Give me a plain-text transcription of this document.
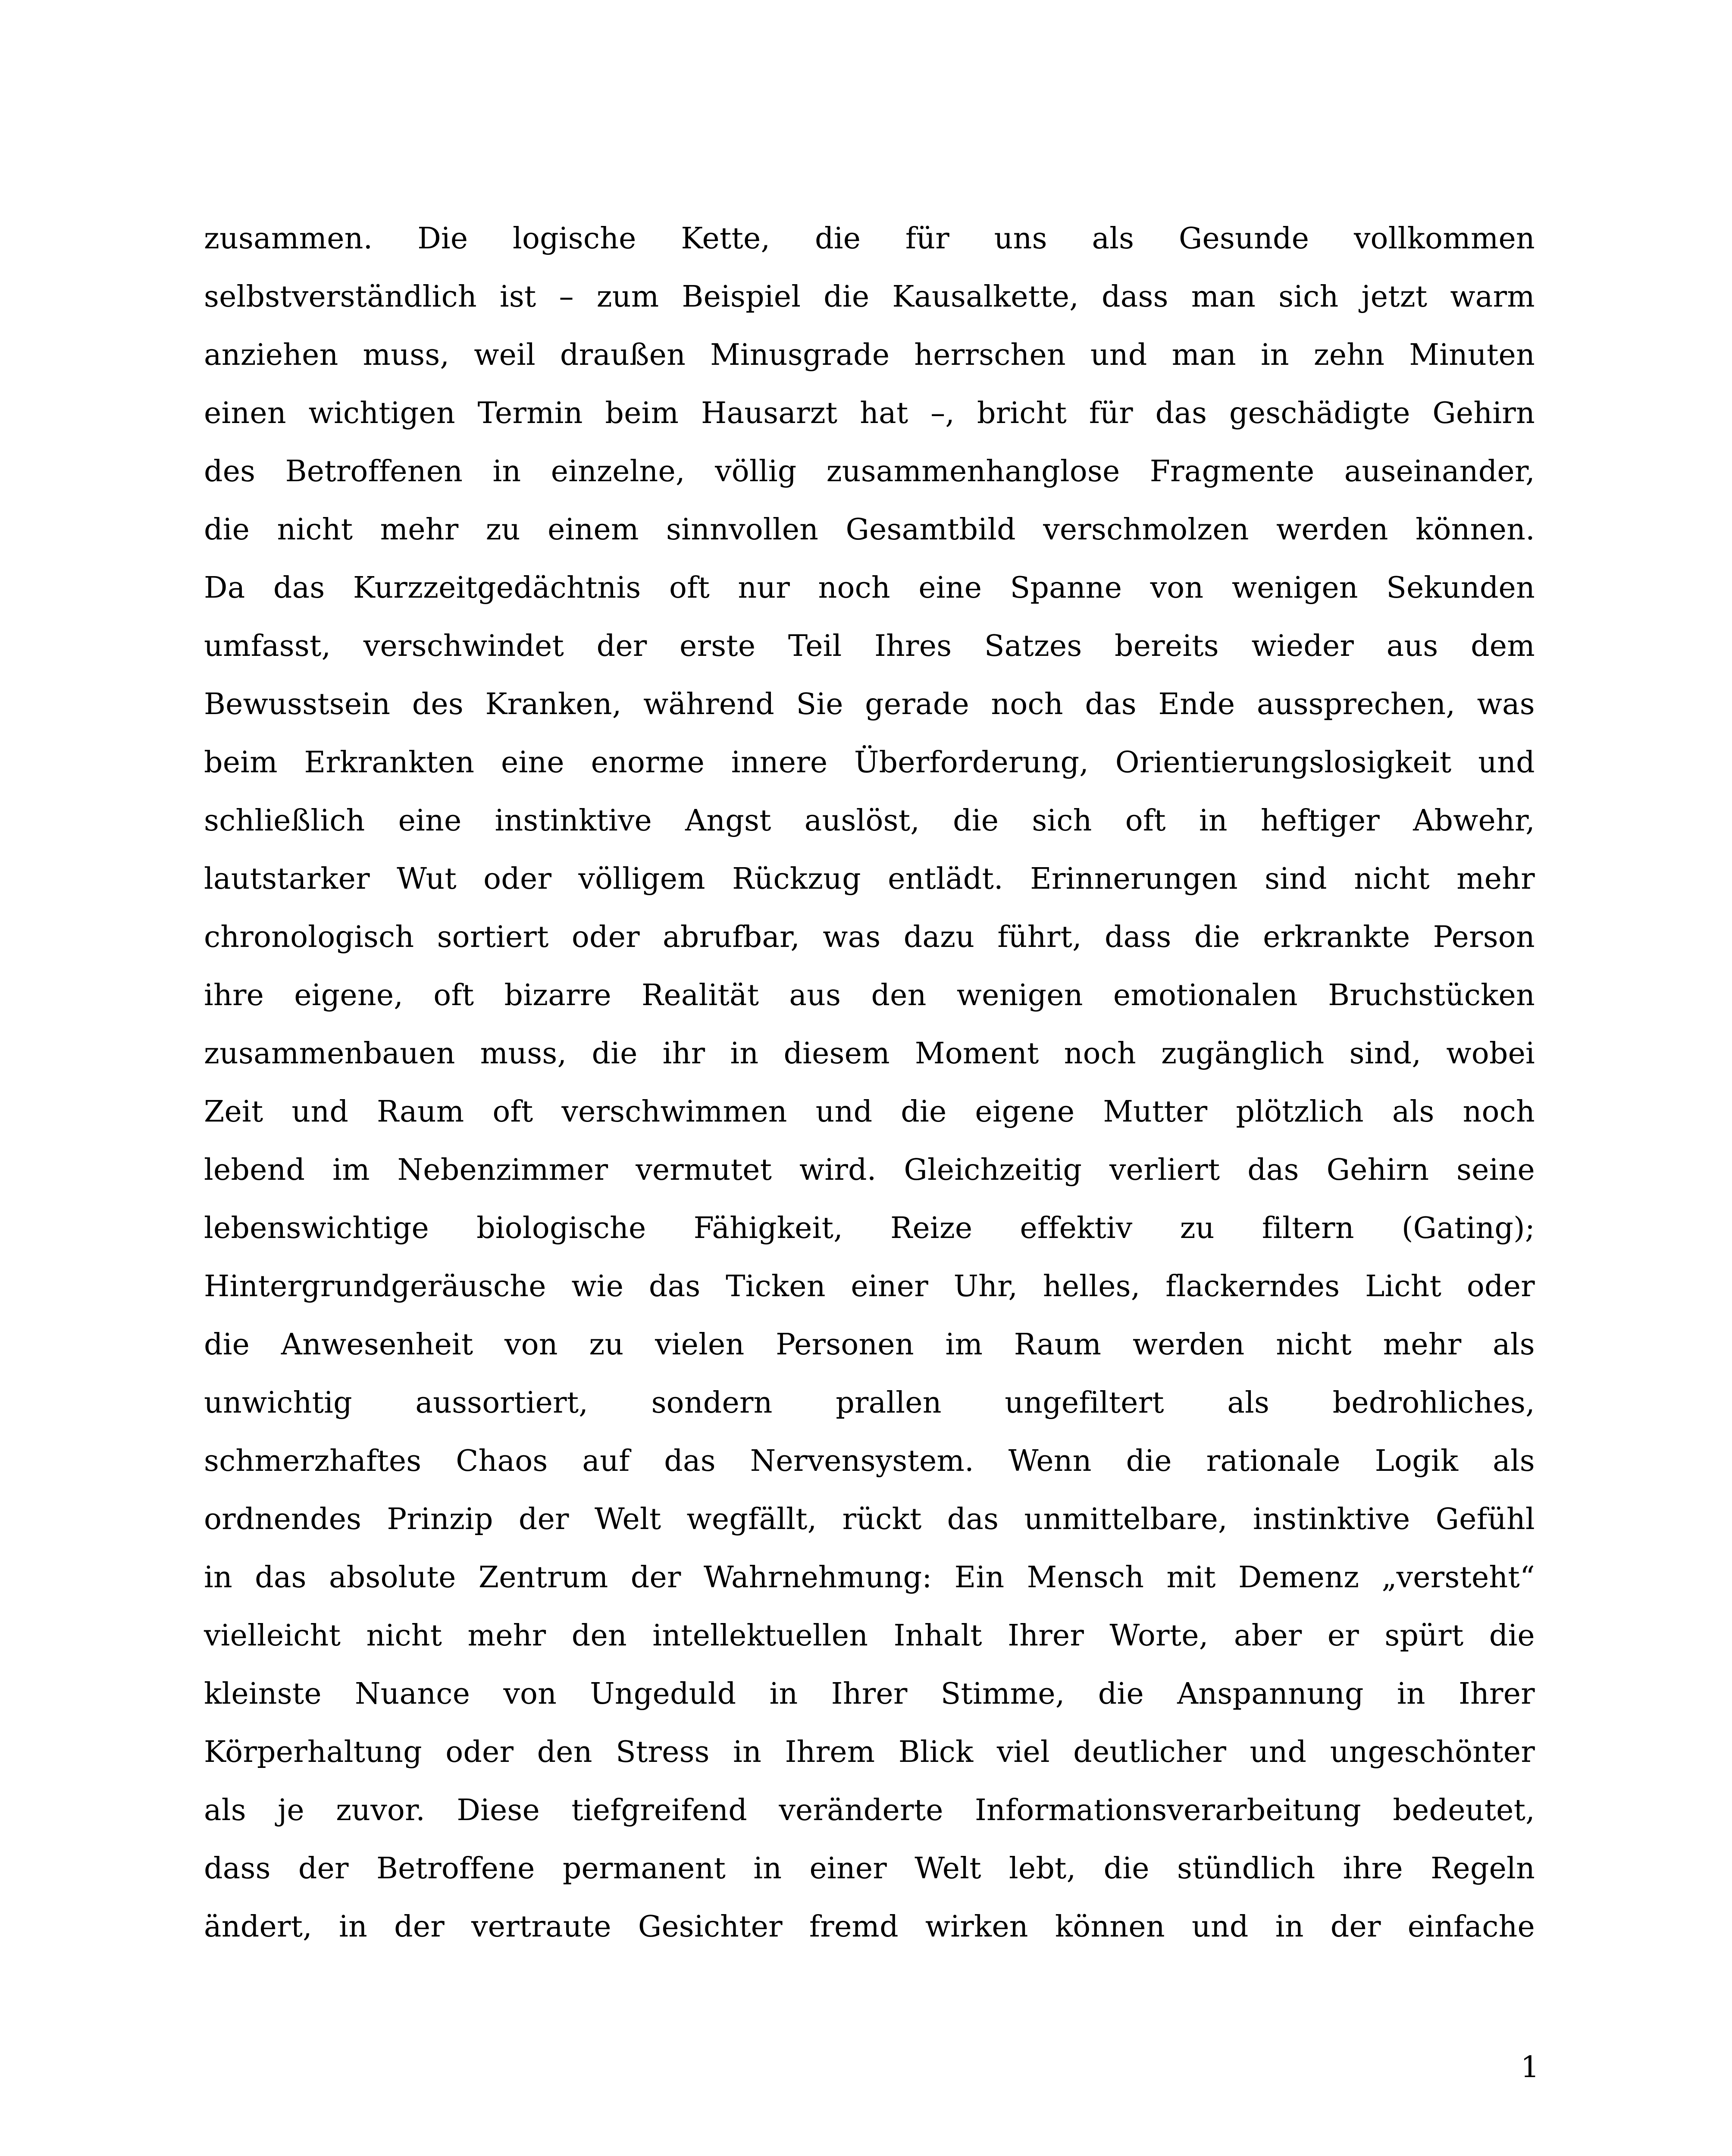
zusammen. Die logische Kette, die für uns als Gesunde vollkommen
selbstverständlich ist – zum Beispiel die Kausalkette, dass man sich jetzt warm
anziehen muss, weil draußen Minusgrade herrschen und man in zehn Minuten
einen wichtigen Termin beim Hausarzt hat –, bricht für das geschädigte Gehirn
des Betroffenen in einzelne, völlig zusammenhanglose Fragmente auseinander,
die nicht mehr zu einem sinnvollen Gesamtbild verschmolzen werden können.
Da das Kurzzeitgedächtnis oft nur noch eine Spanne von wenigen Sekunden
umfasst, verschwindet der erste Teil Ihres Satzes bereits wieder aus dem
Bewusstsein des Kranken, während Sie gerade noch das Ende aussprechen, was
beim Erkrankten eine enorme innere Überforderung, Orientierungslosigkeit und
schließlich eine instinktive Angst auslöst, die sich oft in heftiger Abwehr,
lautstarker Wut oder völligem Rückzug entlädt. Erinnerungen sind nicht mehr
chronologisch sortiert oder abrufbar, was dazu führt, dass die erkrankte Person
ihre eigene, oft bizarre Realität aus den wenigen emotionalen Bruchstücken
zusammenbauen muss, die ihr in diesem Moment noch zugänglich sind, wobei
Zeit und Raum oft verschwimmen und die eigene Mutter plötzlich als noch
lebend im Nebenzimmer vermutet wird. Gleichzeitig verliert das Gehirn seine
lebenswichtige biologische Fähigkeit, Reize effektiv zu filtern (Gating);
Hintergrundgeräusche wie das Ticken einer Uhr, helles, flackerndes Licht oder
die Anwesenheit von zu vielen Personen im Raum werden nicht mehr als
unwichtig aussortiert, sondern prallen ungefiltert als bedrohliches,
schmerzhaftes Chaos auf das Nervensystem. Wenn die rationale Logik als
ordnendes Prinzip der Welt wegfällt, rückt das unmittelbare, instinktive Gefühl
in das absolute Zentrum der Wahrnehmung: Ein Mensch mit Demenz „versteht“
vielleicht nicht mehr den intellektuellen Inhalt Ihrer Worte, aber er spürt die
kleinste Nuance von Ungeduld in Ihrer Stimme, die Anspannung in Ihrer
Körperhaltung oder den Stress in Ihrem Blick viel deutlicher und ungeschönter
als je zuvor. Diese tiefgreifend veränderte Informationsverarbeitung bedeutet,
dass der Betroffene permanent in einer Welt lebt, die stündlich ihre Regeln
ändert, in der vertraute Gesichter fremd wirken können und in der einfache
1
